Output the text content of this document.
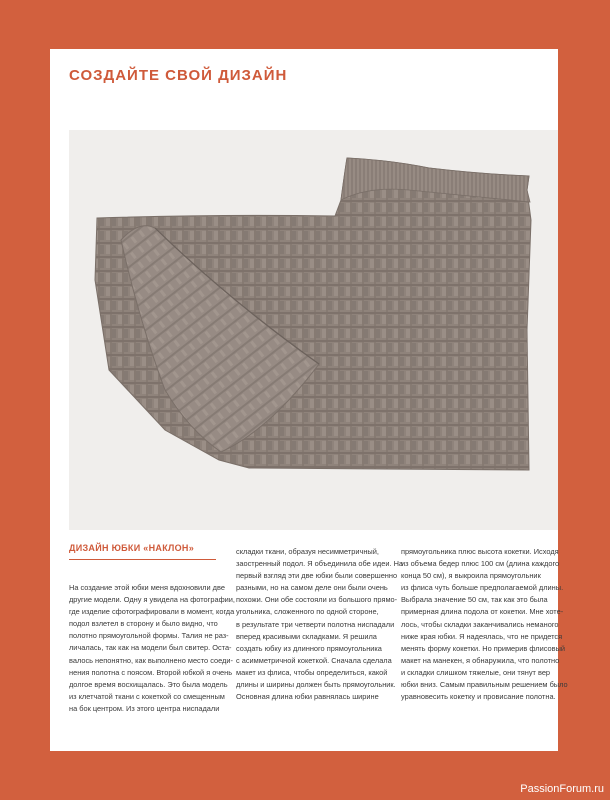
СОЗДАЙТЕ СВОЙ ДИЗАЙН
ДИЗАЙН ЮБКИ «НАКЛОН»

На создание этой юбки меня вдохновили две

другие модели. Одну я увидела на фотографии,

где изделие сфотографировали в момент, когда

подол взлетел в сторону и было видно, что

полотно прямоугольной формы. Талия не раз-

личалась, так как на модели был свитер. Оста-

валось непонятно, как выполнено место соеди-

нения полотна с поясом. Второй юбкой я очень

долгое время восхищалась. Это была модель

из клетчатой ткани с кокеткой со смещенным

на бок центром. Из этого центра ниспадали

складки ткани, образуя несимметричный,

заостренный подол. Я объединила обе идеи. На

первый взгляд эти две юбки были совершенно

разными, но на самом деле они были очень

похожи. Они обе состояли из большого прямо-

угольника, сложенного по одной стороне,

в результате три четверти полотна ниспадали

вперед красивыми складками. Я решила

создать юбку из длинного прямоугольника

с асимметричной кокеткой. Сначала сделала

макет из флиса, чтобы определиться, какой

длины и ширины должен быть прямоугольник.

Основная длина юбки равнялась ширине

прямоугольника плюс высота кокетки. Исходя

из объема бедер плюс 100 см (длина каждого

конца 50 см), я выкроила прямоугольник

из флиса чуть больше предполагаемой длины.

Выбрала значение 50 см, так как это была

примерная длина подола от кокетки. Мне хоте-

лось, чтобы складки заканчивались неманого

ниже края юбки. Я надеялась, что не придется

менять форму кокетки. Но примерив флисовый

макет на манекен, я обнаружила, что полотно

и складки слишком тяжелые, они тянут вер

юбки вниз. Самым правильным решением было

уравновесить кокетку и провисание полотна.

PassionForum.ru
